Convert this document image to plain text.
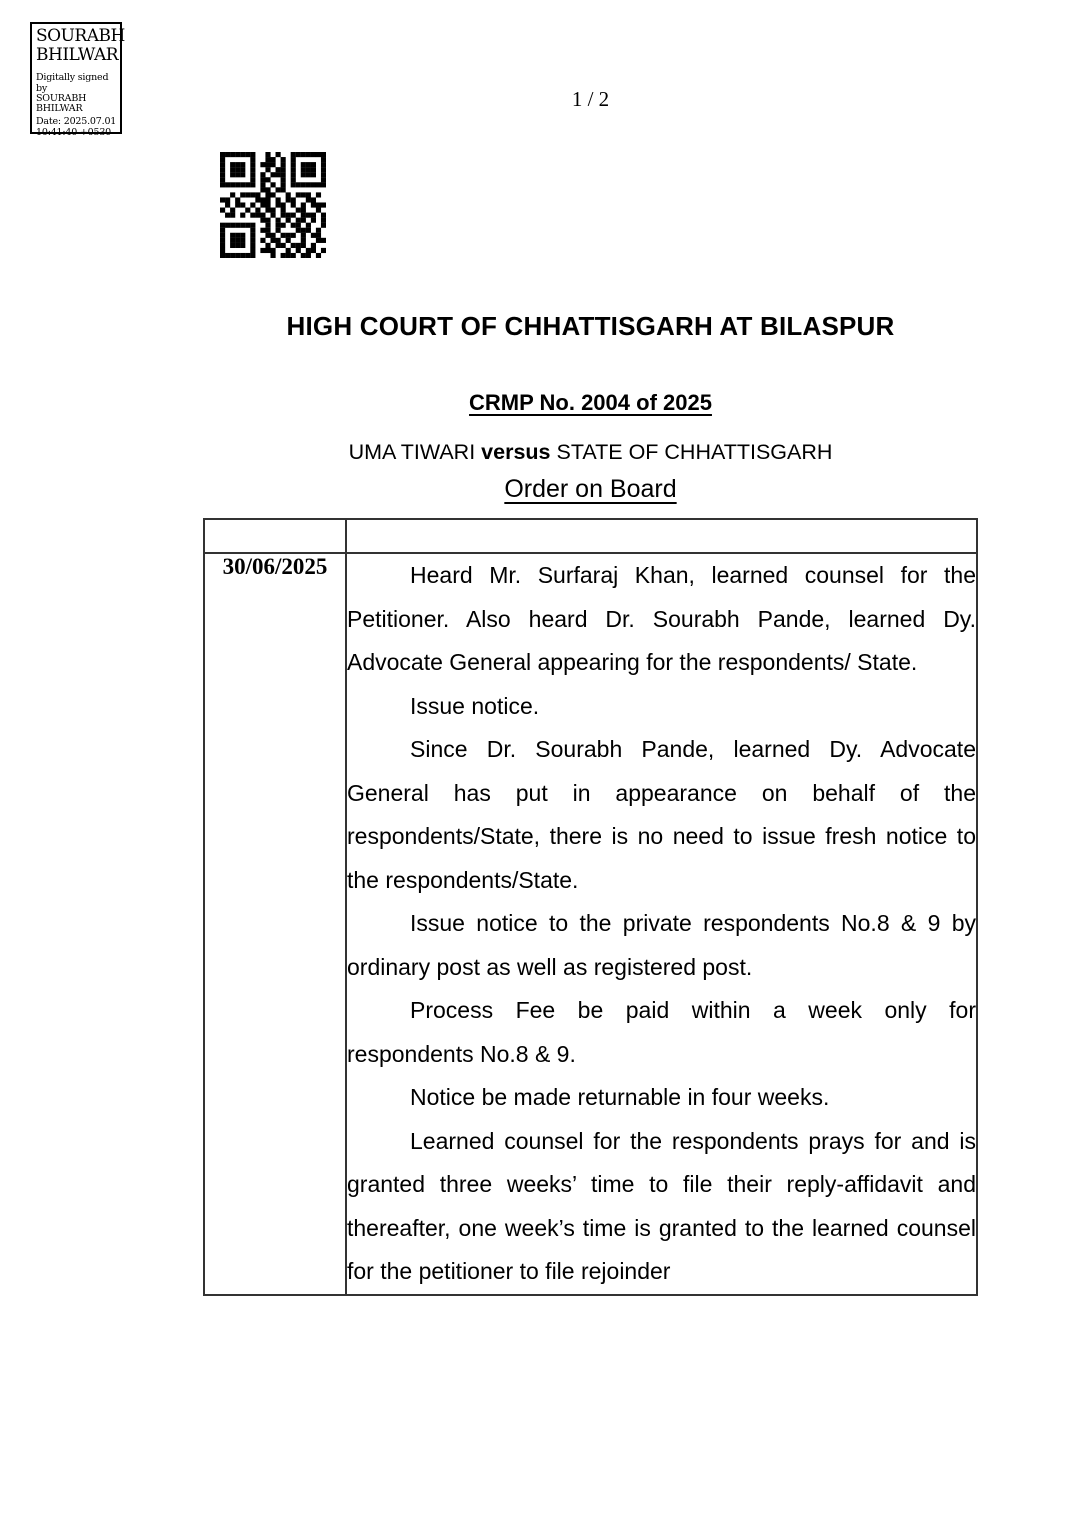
SOURABH
BHILWAR
Digitally signed by
SOURABH
BHILWAR
Date: 2025.07.01
10:41:40 +0530
1 / 2
HIGH COURT OF CHHATTISGARH AT BILASPUR
CRMP No. 2004 of 2025
UMA TIWARI versus STATE OF CHHATTISGARH
Order on Board

30/06/2025	Heard Mr. Surfaraj Khan, learned counsel for the Petitioner. Also heard Dr. Sourabh Pande, learned Dy. Advocate General appearing for the respondents/ State.

Issue notice.

Since Dr. Sourabh Pande, learned Dy. Advocate General has put in appearance on behalf of the respondents/State, there is no need to issue fresh notice to the respondents/State.

Issue notice to the private respondents No.8 & 9 by ordinary post as well as registered post.

Process Fee be paid within a week only for respondents No.8 & 9.

Notice be made returnable in four weeks.

Learned counsel for the respondents prays for and is granted three weeks’ time to file their reply-affidavit and thereafter, one week’s time is granted to the learned counsel for the petitioner to file rejoinder
